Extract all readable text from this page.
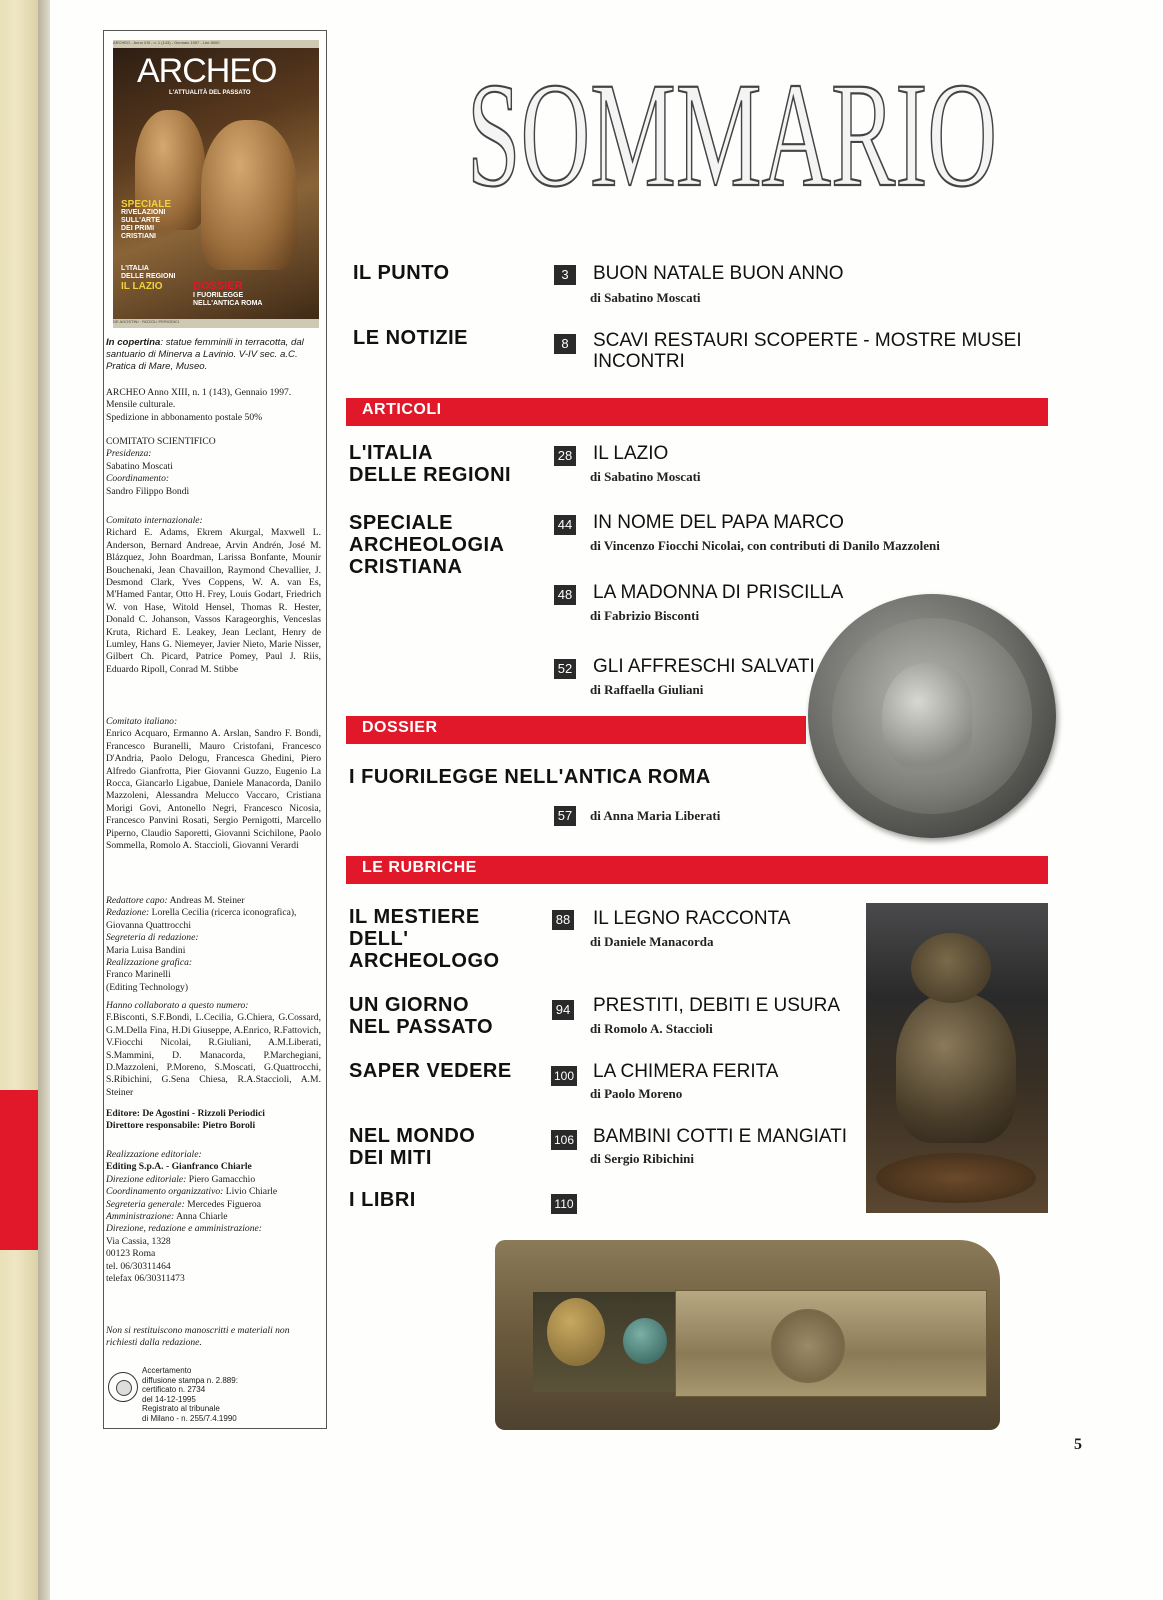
ARCHEO - Anno XIII - n. 1 (143) - Gennaio 1997 - Lire 8000
ARCHEO
L'ATTUALITÀ DEL PASSATO
SPECIALE
RIVELAZIONI
SULL'ARTE
DEI PRIMI
CRISTIANI
L'ITALIA
DELLE REGIONI
IL LAZIO	DOSSIER
I FUORILEGGE
NELL'ANTICA ROMA
DE AGOSTINI · RIZZOLI PERIODICI

In copertina: statue femminili in terracotta, dal santuario di Minerva a Lavinio. V-IV sec. a.C. Pratica di Mare, Museo.

ARCHEO Anno XIII, n. 1 (143), Gennaio 1997.

Mensile culturale.

Spedizione in abbonamento postale 50%

COMITATO SCIENTIFICO

Presidenza:

Sabatino Moscati

Coordinamento:

Sandro Filippo Bondì

Comitato internazionale:

Richard E. Adams, Ekrem Akurgal, Maxwell L. Anderson, Bernard Andreae, Arvin Andrén, José M. Blázquez, John Boardman, Larissa Bonfante, Mounir Bouchenaki, Jean Chavaillon, Raymond Chevallier, J. Desmond Clark, Yves Coppens, W. A. van Es, M'Hamed Fantar, Otto H. Frey, Louis Godart, Friedrich W. von Hase, Witold Hensel, Thomas R. Hester, Donald C. Johanson, Vassos Karageorghis, Venceslas Kruta, Richard E. Leakey, Jean Leclant, Henry de Lumley, Hans G. Niemeyer, Javier Nieto, Marie Nisser, Gilbert Ch. Picard, Patrice Pomey, Paul J. Riis, Eduardo Ripoll, Conrad M. Stibbe

Comitato italiano:

Enrico Acquaro, Ermanno A. Arslan, Sandro F. Bondì, Francesco Buranelli, Mauro Cristofani, Francesco D'Andria, Paolo Delogu, Francesca Ghedini, Piero Alfredo Gianfrotta, Pier Giovanni Guzzo, Eugenio La Rocca, Giancarlo Ligabue, Daniele Manacorda, Danilo Mazzoleni, Alessandra Melucco Vaccaro, Cristiana Morigi Govi, Antonello Negri, Francesco Nicosia, Francesco Panvini Rosati, Sergio Pernigotti, Marcello Piperno, Claudio Saporetti, Giovanni Scichilone, Paolo Sommella, Romolo A. Staccioli, Giovanni Verardi

Redattore capo: Andreas M. Steiner

Redazione: Lorella Cecilia (ricerca iconografica), Giovanna Quattrocchi

Segreteria di redazione:

Maria Luisa Bandini

Realizzazione grafica:

Franco Marinelli

(Editing Technology)

Hanno collaborato a questo numero:

F.Bisconti, S.F.Bondì, L.Cecilia, G.Chiera, G.Cossard, G.M.Della Fina, H.Di Giuseppe, A.Enrico, R.Fattovich, V.Fiocchi Nicolai, R.Giuliani, A.M.Liberati, S.Mammini, D. Manacorda, P.Marchegiani, D.Mazzoleni, P.Moreno, S.Moscati, G.Quattrocchi, S.Ribichini, G.Sena Chiesa, R.A.Staccioli, A.M. Steiner

Editore: De Agostini - Rizzoli Periodici

Direttore responsabile: Pietro Boroli

Realizzazione editoriale:

Editing S.p.A. - Gianfranco Chiarle

Direzione editoriale: Piero Gamacchio

Coordinamento organizzativo: Livio Chiarle

Segreteria generale: Mercedes Figueroa

Amministrazione: Anna Chiarle

Direzione, redazione e amministrazione:

Via Cassia, 1328

00123 Roma

tel. 06/30311464

telefax 06/30311473

Non si restituiscono manoscritti e materiali non richiesti dalla redazione.

Accertamento

diffusione stampa n. 2.889:

certificato n. 2734

del 14-12-1995

Registrato al tribunale

di Milano - n. 255/7.4.1990

SOMMARIO
IL PUNTO	3	BUON NATALE BUON ANNO
di Sabatino Moscati
LE NOTIZIE	8	SCAVI RESTAURI SCOPERTE - MOSTRE MUSEI
INCONTRI
ARTICOLI
L'ITALIA
DELLE REGIONI
28 IL LAZIO
di Sabatino Moscati
SPECIALE
ARCHEOLOGIA
CRISTIANA
44 IN NOME DEL PAPA MARCO
di Vincenzo Fiocchi Nicolai, con contributi di Danilo Mazzoleni
48 LA MADONNA DI PRISCILLA
di Fabrizio Bisconti
52 GLI AFFRESCHI SALVATI
di Raffaella Giuliani
DOSSIER
I FUORILEGGE NELL'ANTICA ROMA
57 di Anna Maria Liberati
LE RUBRICHE
IL MESTIERE
DELL'
ARCHEOLOGO
88 IL LEGNO RACCONTA
di Daniele Manacorda
UN GIORNO
NEL PASSATO
94 PRESTITI, DEBITI E USURA
di Romolo A. Staccioli
SAPER VEDERE	100 LA CHIMERA FERITA
di Paolo Moreno
NEL MONDO
DEI MITI
106 BAMBINI COTTI E MANGIATI
di Sergio Ribichini
I LIBRI	110
5
